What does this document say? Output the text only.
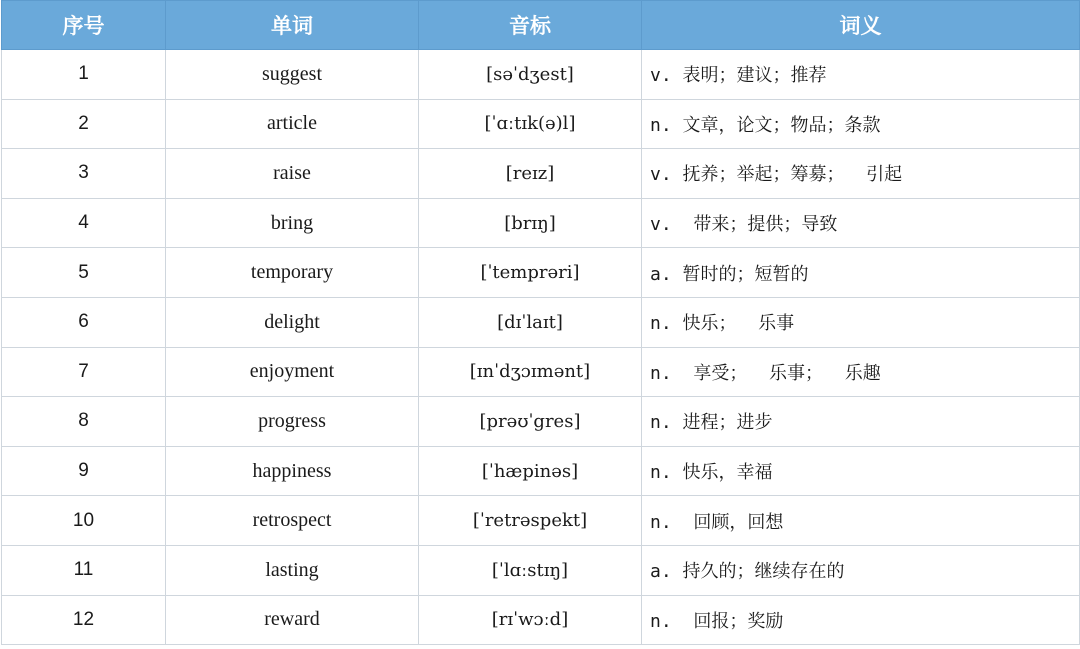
序号	单词	音标	词义
1	suggest	[səˈdʒest]	v. 表明；建议；推荐
2	article	[ˈɑːtɪk(ə)l]	n. 文章，论文；物品；条款
3	raise	[reɪz]	v. 抚养；举起；筹募；  引起
4	bring	[brɪŋ]	v.  带来；提供；导致
5	temporary	[ˈtemprəri]	a. 暂时的；短暂的
6	delight	[dɪˈlaɪt]	n. 快乐；  乐事
7	enjoyment	[ɪnˈdʒɔɪmənt]	n.  享受；  乐事；  乐趣
8	progress	[prəʊˈgres]	n. 进程；进步
9	happiness	[ˈhæpinəs]	n. 快乐，幸福
10	retrospect	[ˈretrəspekt]	n.  回顾，回想
11	lasting	[ˈlɑːstɪŋ]	a. 持久的；继续存在的
12	reward	[rɪˈwɔːd]	n.  回报；奖励
